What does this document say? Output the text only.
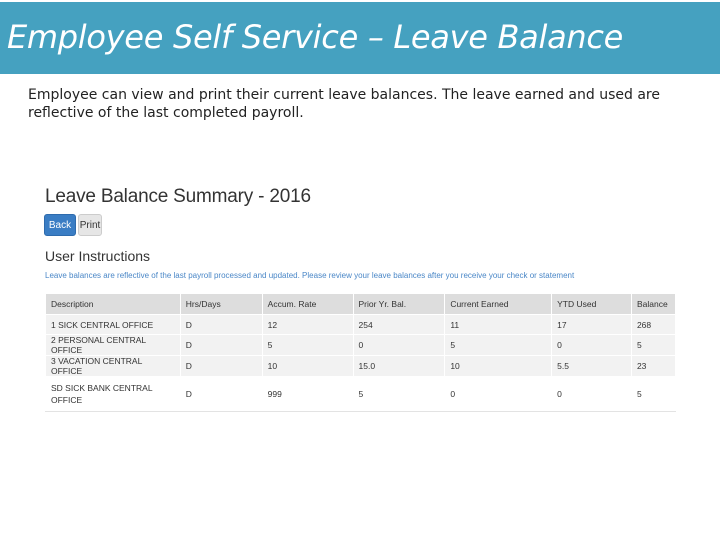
Employee Self Service – Leave Balance
Employee can view and print their current leave balances. The leave earned and used are reflective of the last completed payroll.
Leave Balance Summary - 2016
Back Print
User Instructions
Leave balances are reflective of the last payroll processed and updated. Please review your leave balances after you receive your check or statement
Description	Hrs/Days	Accum. Rate	Prior Yr. Bal.	Current Earned	YTD Used	Balance
1 SICK CENTRAL OFFICE	D	12	254	11	17	268
2 PERSONAL CENTRAL OFFICE	D	5	0	5	0	5
3 VACATION CENTRAL OFFICE	D	10	15.0	10	5.5	23
SD SICK BANK CENTRAL OFFICE	D	999	5	0	0	5
